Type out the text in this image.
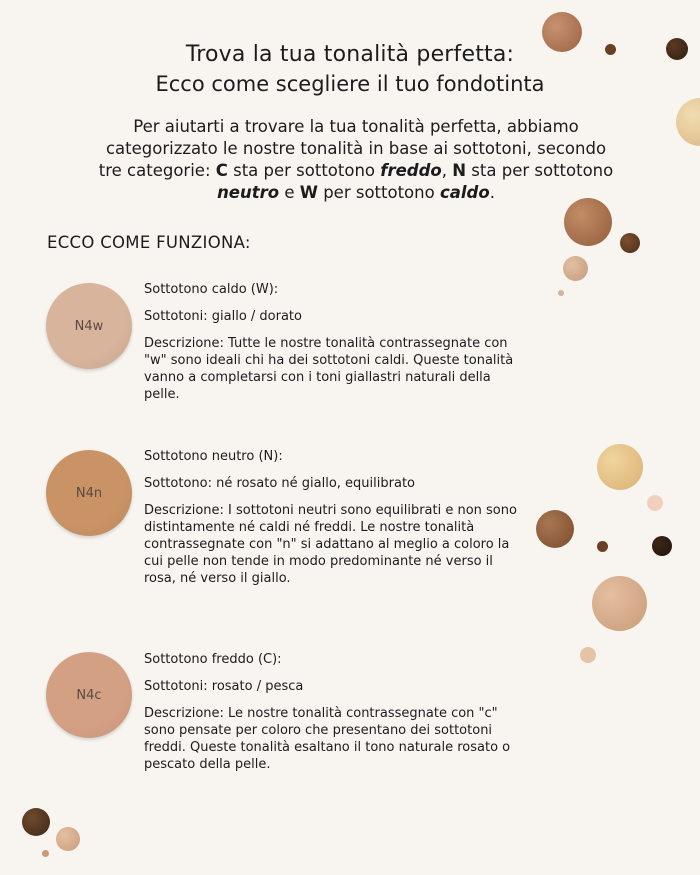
Trova la tua tonalità perfetta:
Ecco come scegliere il tuo fondotinta
Per aiutarti a trovare la tua tonalità perfetta, abbiamo categorizzato le nostre tonalità in base ai sottotoni, secondo tre categorie: C sta per sottotono freddo, N sta per sottotono neutro e W per sottotono caldo.
ECCO COME FUNZIONA:
N4w
Sottotono caldo (W):
Sottotoni: giallo / dorato
Descrizione: Tutte le nostre tonalità contrassegnate con "w" sono ideali chi ha dei sottotoni caldi. Queste tonalità vanno a completarsi con i toni giallastri naturali della pelle.
N4n
Sottotono neutro (N):
Sottotono: né rosato né giallo, equilibrato
Descrizione: I sottotoni neutri sono equilibrati e non sono distintamente né caldi né freddi. Le nostre tonalità contrassegnate con "n" si adattano al meglio a coloro la cui pelle non tende in modo predominante né verso il rosa, né verso il giallo.
N4c
Sottotono freddo (C):
Sottotoni: rosato / pesca
Descrizione: Le nostre tonalità contrassegnate con "c" sono pensate per coloro che presentano dei sottotoni freddi. Queste tonalità esaltano il tono naturale rosato o pescato della pelle.
